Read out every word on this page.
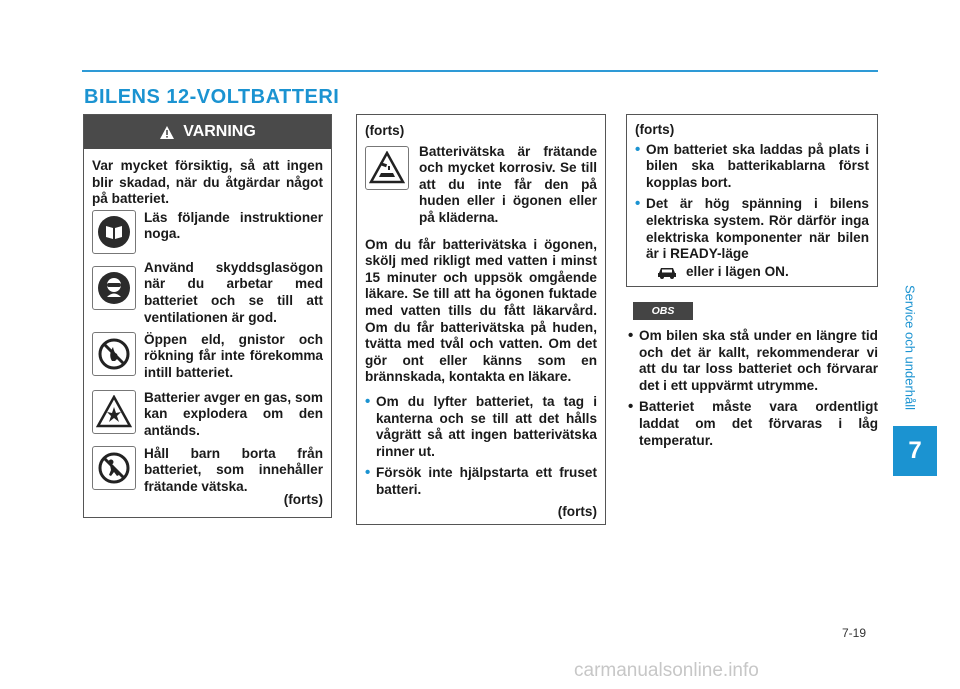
BILENS 12-VOLTBATTERI
VARNING
Var mycket försiktig, så att ingen blir skadad, när du åtgärdar något på batteriet.
Läs följande instruktioner noga.
Använd skyddsglasögon när du arbetar med batteriet och se till att ventilationen är god.
Öppen eld, gnistor och rökning får inte förekomma intill batteriet.
Batterier avger en gas, som kan explodera om den antänds.
Håll barn borta från batteriet, som innehåller frätande vätska.
(forts)
(forts)
Batterivätska är frätande och mycket korrosiv. Se till att du inte får den på huden eller i ögonen eller på kläderna.
Om du får batterivätska i ögonen, skölj med rikligt med vatten i minst 15 minuter och uppsök omgående läkare. Se till att ha ögonen fuktade med vatten tills du fått läkarvård. Om du får batterivätska på huden, tvätta med tvål och vatten. Om det gör ont eller känns som en brännskada, kontakta en läkare.
• Om du lyfter batteriet, ta tag i kanterna och se till att det hålls vågrätt så att ingen batterivätska rinner ut.
• Försök inte hjälpstarta ett fruset batteri.
(forts)
(forts)
• Om batteriet ska laddas på plats i bilen ska batterikablarna först kopplas bort.
• Det är hög spänning i bilens elektriska system. Rör därför inga elektriska komponenter när bilen är i READY-läge
eller i lägen ON.
OBS
• Om bilen ska stå under en längre tid och det är kallt, rekommenderar vi att du tar loss batteriet och förvarar det i ett uppvärmt utrymme.
• Batteriet måste vara ordentligt laddat om det förvaras i låg temperatur.
Service och underhåll
7
7-19
carmanualsonline.info
